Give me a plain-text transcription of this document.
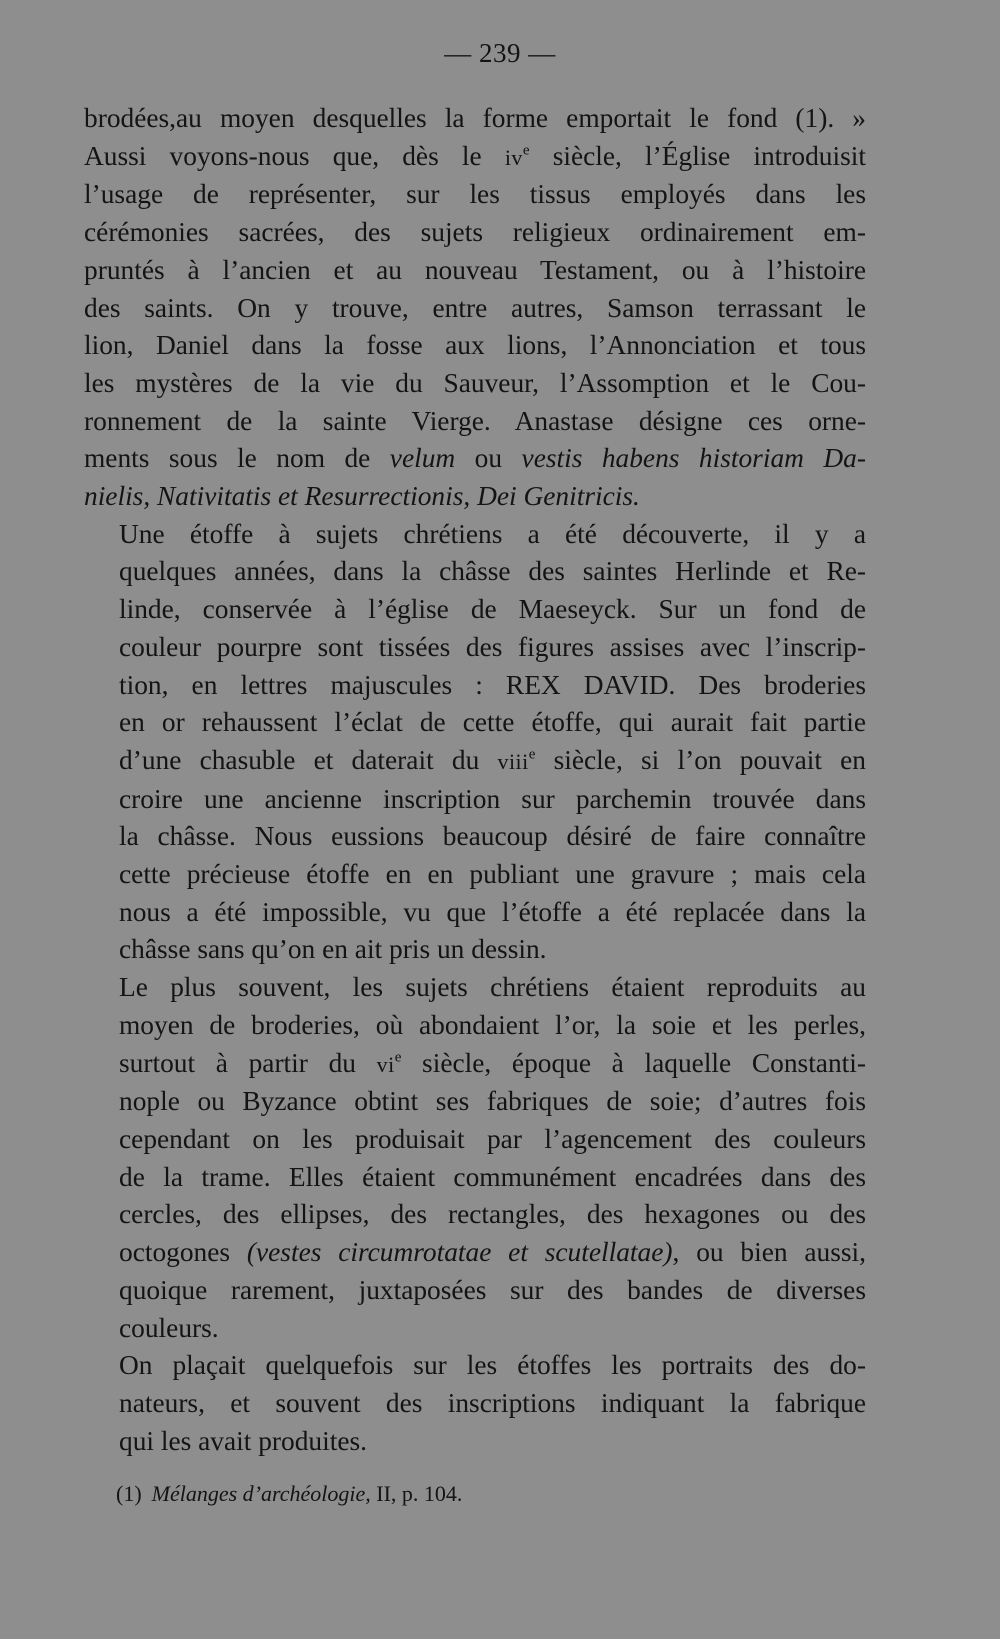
— 239 —

brodées,au moyen desquelles la forme emportait le fond (1). »
Aussi voyons-nous que, dès le $iv^e$ siècle, l’Église introduisit
l’usage de représenter, sur les tissus employés dans les
cérémonies sacrées, des sujets religieux ordinairement em-
pruntés à l’ancien et au nouveau Testament, ou à l’histoire
des saints. On y trouve, entre autres, Samson terrassant le
lion, Daniel dans la fosse aux lions, l’Annonciation et tous
les mystères de la vie du Sauveur, l’Assomption et le Cou-
ronnement de la sainte Vierge. Anastase désigne ces orne-
ments sous le nom de velum ou vestis habens historiam Da-
nielis, Nativitatis et Resurrectionis, Dei Genitricis.

Une étoffe à sujets chrétiens a été découverte, il y a
quelques années, dans la châsse des saintes Herlinde et Re-
linde, conservée à l’église de Maeseyck. Sur un fond de
couleur pourpre sont tissées des figures assises avec l’inscrip-
tion, en lettres majuscules : REX DAVID. Des broderies
en or rehaussent l’éclat de cette étoffe, qui aurait fait partie
d’une chasuble et daterait du viii$^e$ siècle, si l’on pouvait en
croire une ancienne inscription sur parchemin trouvée dans
la châsse. Nous eussions beaucoup désiré de faire connaître
cette précieuse étoffe en en publiant une gravure ; mais cela
nous a été impossible, vu que l’étoffe a été replacée dans la
châsse sans qu’on en ait pris un dessin.

Le plus souvent, les sujets chrétiens étaient reproduits au
moyen de broderies, où abondaient l’or, la soie et les perles,
surtout à partir du $vi^e$ siècle, époque à laquelle Constanti-
nople ou Byzance obtint ses fabriques de soie; d’autres fois
cependant on les produisait par l’agencement des couleurs
de la trame. Elles étaient communément encadrées dans des
cercles, des ellipses, des rectangles, des hexagones ou des
octogones (vestes circumrotatae et scutellatae), ou bien aussi,
quoique rarement, juxtaposées sur des bandes de diverses
couleurs.

On plaçait quelquefois sur les étoffes les portraits des do-
nateurs, et souvent des inscriptions indiquant la fabrique
qui les avait produites.

(1) Mélanges d’archéologie, II, p. 104.
